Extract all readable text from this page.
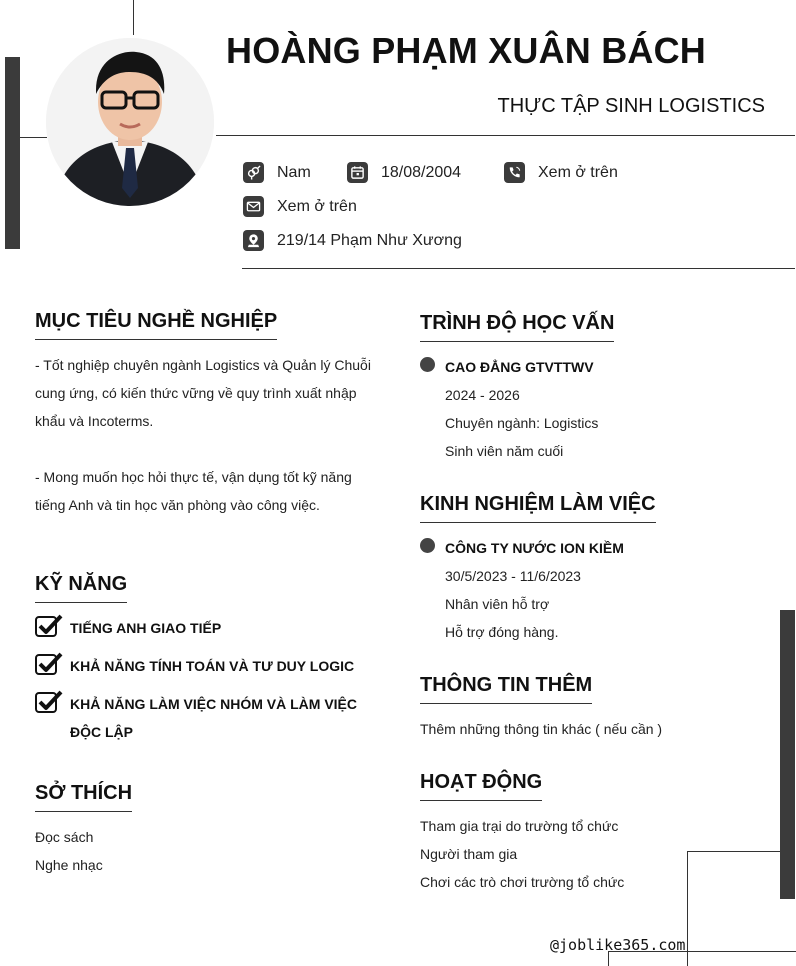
HOÀNG PHẠM XUÂN BÁCH
THỰC TẬP SINH LOGISTICS
Nam	18/08/2004	Xem ở trên
Xem ở trên
219/14 Phạm Như Xương
MỤC TIÊU NGHỀ NGHIỆP
- Tốt nghiệp chuyên ngành Logistics và Quản lý Chuỗi
cung ứng, có kiến thức vững về quy trình xuất nhập
khẩu và Incoterms.
- Mong muốn học hỏi thực tế, vận dụng tốt kỹ năng
tiếng Anh và tin học văn phòng vào công việc.
KỸ NĂNG
TIẾNG ANH GIAO TIẾP
KHẢ NĂNG TÍNH TOÁN VÀ TƯ DUY LOGIC
KHẢ NĂNG LÀM VIỆC NHÓM VÀ LÀM VIỆC ĐỘC LẬP
SỞ THÍCH
Đọc sách
Nghe nhạc
TRÌNH ĐỘ HỌC VẤN
CAO ĐẲNG GTVTTWV
2024 - 2026
Chuyên ngành: Logistics
Sinh viên năm cuối
KINH NGHIỆM LÀM VIỆC
CÔNG TY NƯỚC ION KIỀM
30/5/2023 - 11/6/2023
Nhân viên hỗ trợ
Hỗ trợ đóng hàng.
THÔNG TIN THÊM
Thêm những thông tin khác ( nếu cần )
HOẠT ĐỘNG
Tham gia trại do trường tổ chức
Người tham gia
Chơi các trò chơi trường tổ chức
@joblike365.com
